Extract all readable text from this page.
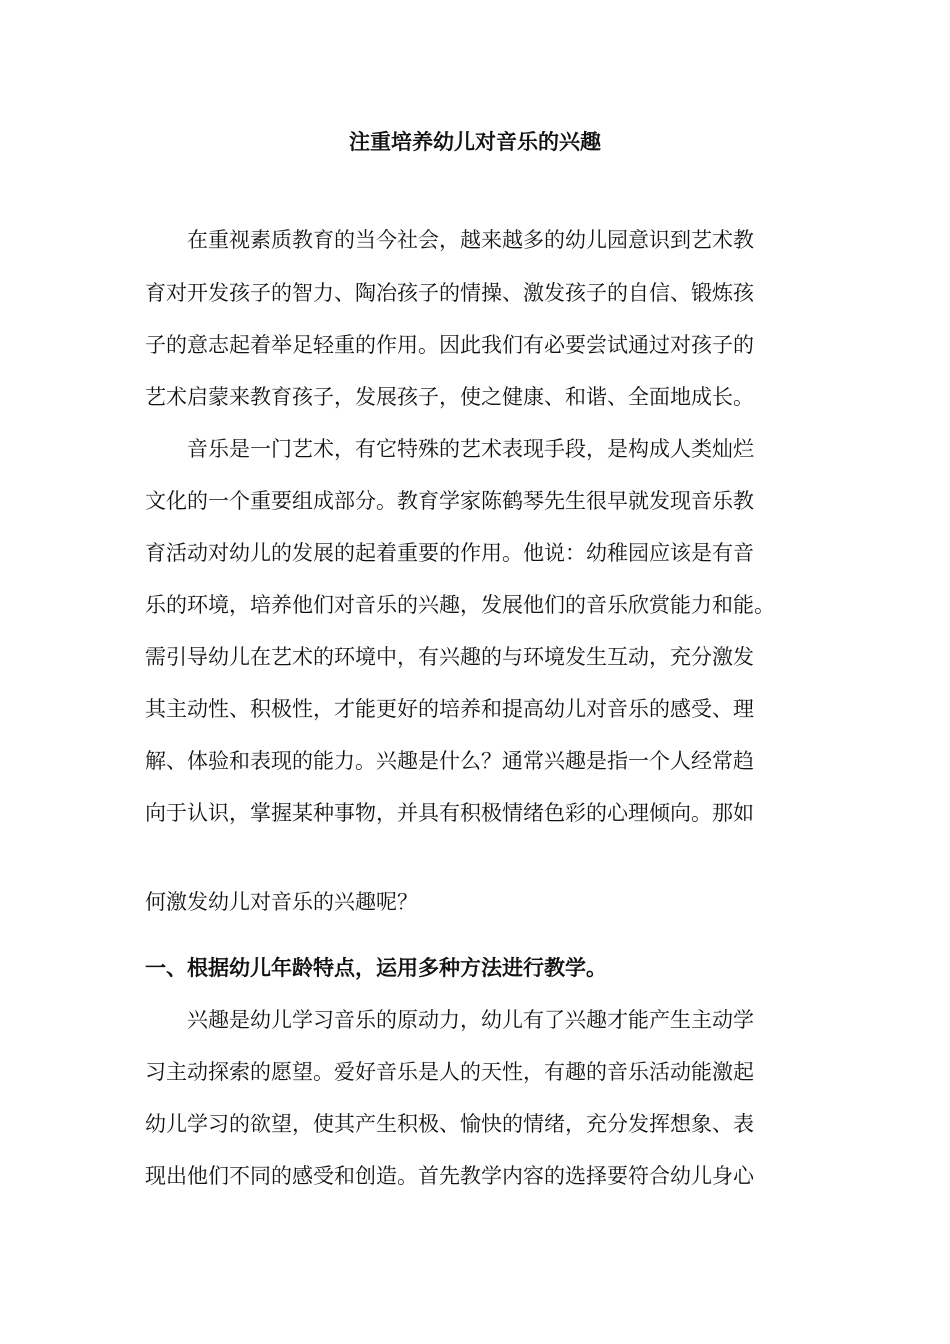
注重培养幼儿对音乐的兴趣
在重视素质教育的当今社会，越来越多的幼儿园意识到艺术教
育对开发孩子的智力、陶冶孩子的情操、激发孩子的自信、锻炼孩
子的意志起着举足轻重的作用。因此我们有必要尝试通过对孩子的
艺术启蒙来教育孩子，发展孩子，使之健康、和谐、全面地成长。
音乐是一门艺术，有它特殊的艺术表现手段，是构成人类灿烂
文化的一个重要组成部分。教育学家陈鹤琴先生很早就发现音乐教
育活动对幼儿的发展的起着重要的作用。他说：幼稚园应该是有音
乐的环境，培养他们对音乐的兴趣，发展他们的音乐欣赏能力和能。
需引导幼儿在艺术的环境中，有兴趣的与环境发生互动，充分激发
其主动性、积极性，才能更好的培养和提高幼儿对音乐的感受、理
解、体验和表现的能力。兴趣是什么？通常兴趣是指一个人经常趋
向于认识，掌握某种事物，并具有积极情绪色彩的心理倾向。那如
何激发幼儿对音乐的兴趣呢？
一、根据幼儿年龄特点，运用多种方法进行教学。
兴趣是幼儿学习音乐的原动力，幼儿有了兴趣才能产生主动学
习主动探索的愿望。爱好音乐是人的天性，有趣的音乐活动能激起
幼儿学习的欲望，使其产生积极、愉快的情绪，充分发挥想象、表
现出他们不同的感受和创造。首先教学内容的选择要符合幼儿身心
